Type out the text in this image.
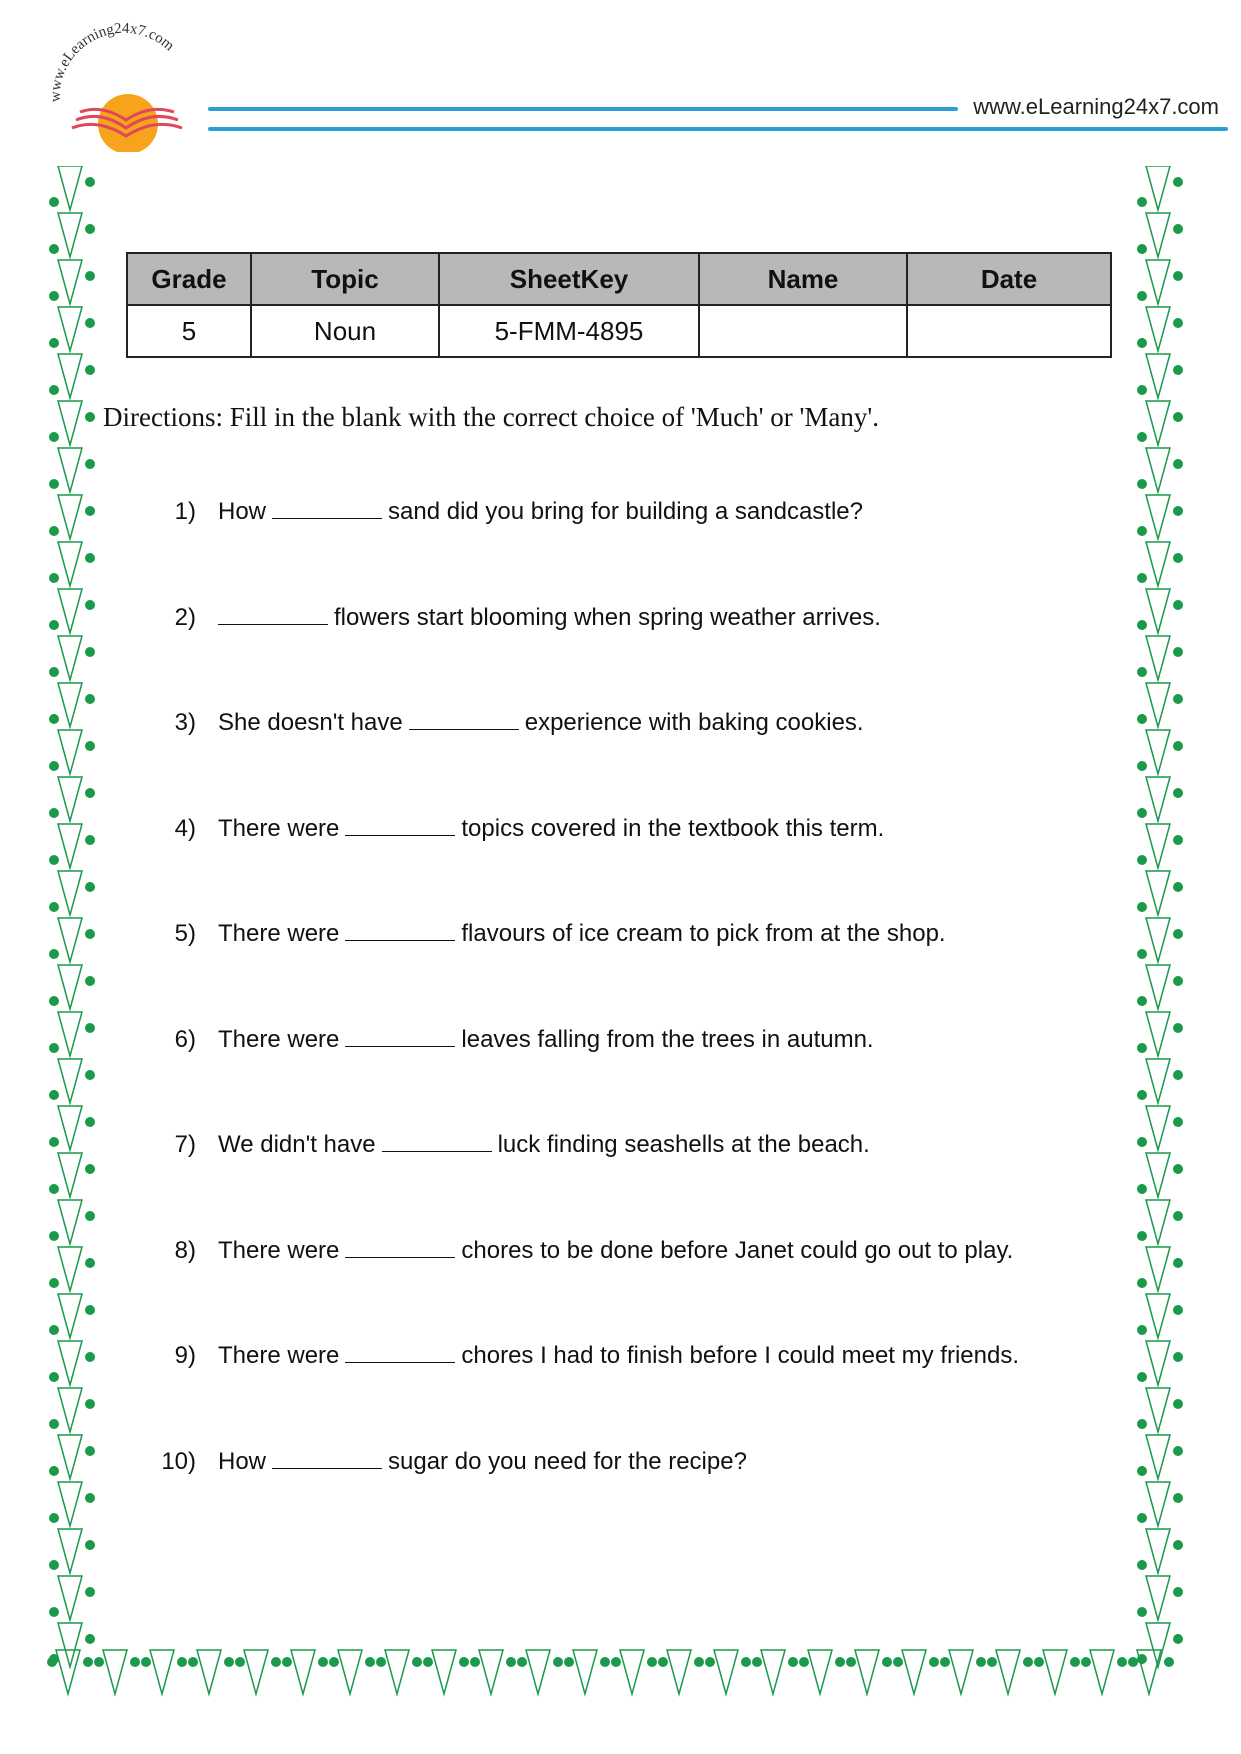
www.eLearning24x7.com
www.eLearning24x7.com
Grade	Topic	SheetKey	Name	Date
5	Noun	5-FMM-4895		

Directions: Fill in the blank with the correct choice of 'Much' or 'Many'.

1) How	sand did you bring for building a sandcastle?
2)	flowers start blooming when spring weather arrives.
3) She doesn't have	experience with baking cookies.
4) There were	topics covered in the textbook this term.
5) There were	flavours of ice cream to pick from at the shop.
6) There were	leaves falling from the trees in autumn.
7) We didn't have	luck finding seashells at the beach.
8) There were	chores to be done before Janet could go out to play.
9) There were	chores I had to finish before I could meet my friends.
10) How	sugar do you need for the recipe?
